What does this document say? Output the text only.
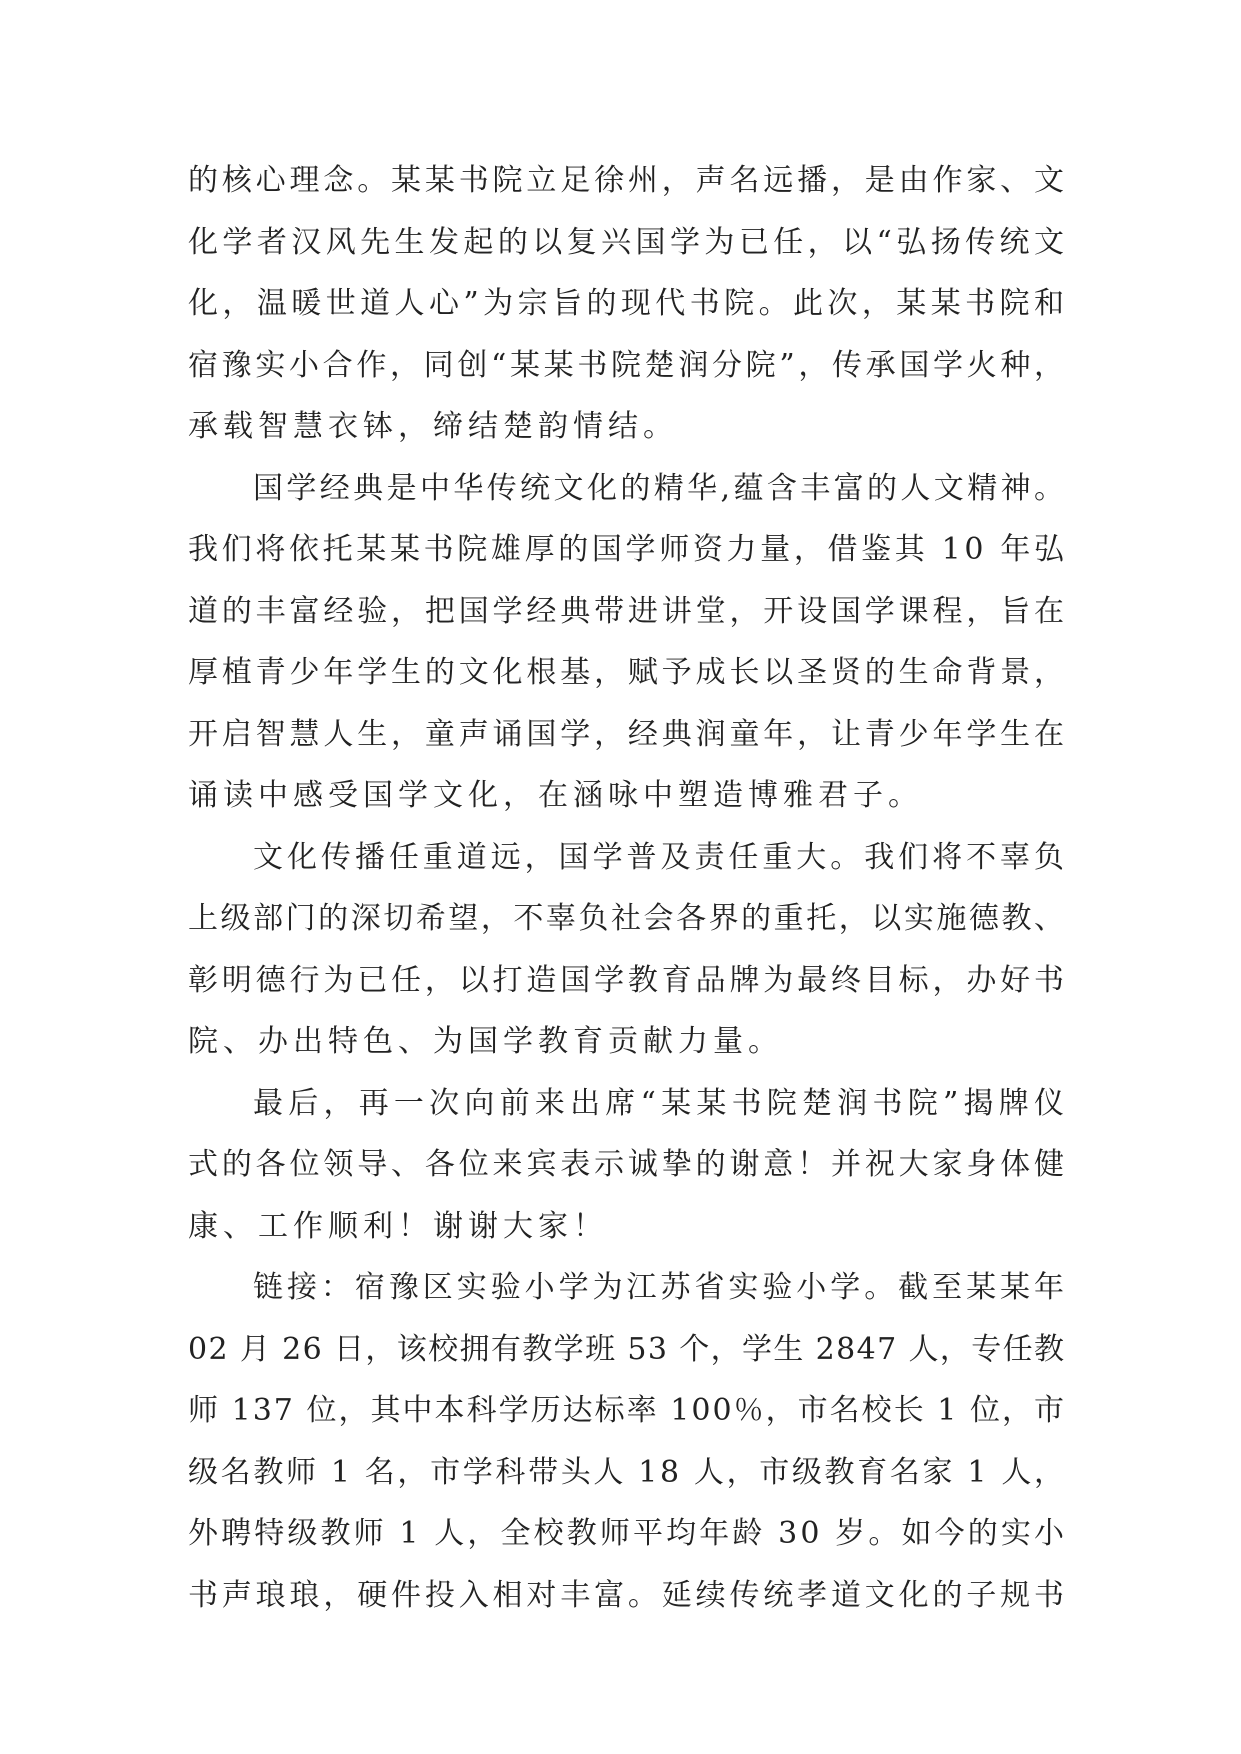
的核心理念。某某书院立足徐州，声名远播，是由作家、文
化学者汉风先生发起的以复兴国学为已任，以“弘扬传统文
化，温暖世道人心”为宗旨的现代书院。此次，某某书院和
宿豫实小合作，同创“某某书院楚润分院”，传承国学火种，
承载智慧衣钵，缔结楚韵情结。
国学经典是中华传统文化的精华,蕴含丰富的人文精神。
我们将依托某某书院雄厚的国学师资力量，借鉴其 10 年弘
道的丰富经验，把国学经典带进讲堂，开设国学课程，旨在
厚植青少年学生的文化根基，赋予成长以圣贤的生命背景，
开启智慧人生，童声诵国学，经典润童年，让青少年学生在
诵读中感受国学文化，在涵咏中塑造博雅君子。
文化传播任重道远，国学普及责任重大。我们将不辜负
上级部门的深切希望，不辜负社会各界的重托，以实施德教、
彰明德行为已任，以打造国学教育品牌为最终目标，办好书
院、办出特色、为国学教育贡献力量。
最后，再一次向前来出席“某某书院楚润书院”揭牌仪
式的各位领导、各位来宾表示诚挚的谢意！并祝大家身体健
康、工作顺利！谢谢大家！
链接：宿豫区实验小学为江苏省实验小学。截至某某年
02 月 26 日，该校拥有教学班 53 个，学生 2847 人，专任教
师 137 位，其中本科学历达标率 100％，市名校长 1 位，市
级名教师 1 名，市学科带头人 18 人，市级教育名家 1 人，
外聘特级教师 1 人，全校教师平均年龄 30 岁。如今的实小
书声琅琅，硬件投入相对丰富。延续传统孝道文化的子规书
